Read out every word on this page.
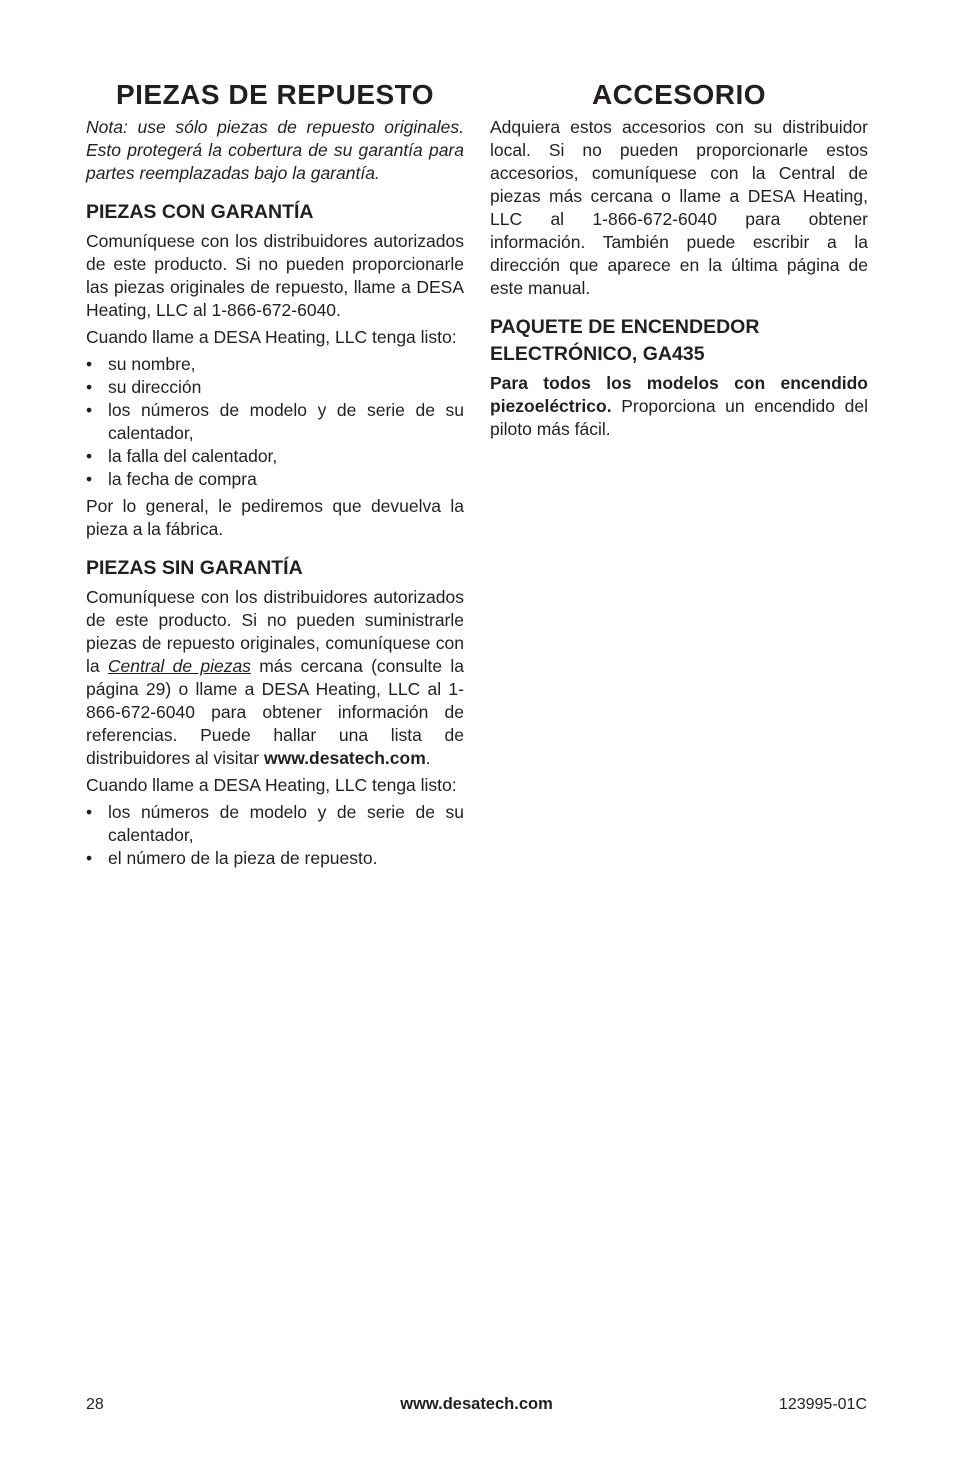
PIEZAS DE REPUESTO

Nota: use sólo piezas de repuesto originales. Esto protegerá la cobertura de su garantía para partes reemplazadas bajo la garantía.

PIEZAS CON GARANTÍA

Comuníquese con los distribuidores autorizados de este producto. Si no pueden proporcionarle las piezas originales de repuesto, llame a DESA Heating, LLC al 1-866-672-6040.

Cuando llame a DESA Heating, LLC tenga listo:

• su nombre,
• su dirección
• los números de modelo y de serie de su calentador,
• la falla del calentador,
• la fecha de compra

Por lo general, le pediremos que devuelva la pieza a la fábrica.

PIEZAS SIN GARANTÍA

Comuníquese con los distribuidores autorizados de este producto. Si no pueden suministrarle piezas de repuesto originales, comuníquese con la Central de piezas más cercana (consulte la página 29) o llame a DESA Heating, LLC al 1-866-672-6040 para obtener información de referencias. Puede hallar una lista de distribuidores al visitar www.desatech.com.

Cuando llame a DESA Heating, LLC tenga listo:

• los números de modelo y de serie de su calentador,
• el número de la pieza de repuesto.
ACCESORIO

Adquiera estos accesorios con su distribuidor local. Si no pueden proporcionarle estos accesorios, comuníquese con la Central de piezas más cercana o llame a DESA Heating, LLC al 1-866-672-6040 para obtener información. También puede escribir a la dirección que aparece en la última página de este manual.

PAQUETE DE ENCENDEDOR ELECTRÓNICO, GA435

Para todos los modelos con encendido piezoeléctrico. Proporciona un encendido del piloto más fácil.

28	www.desatech.com	123995-01C
